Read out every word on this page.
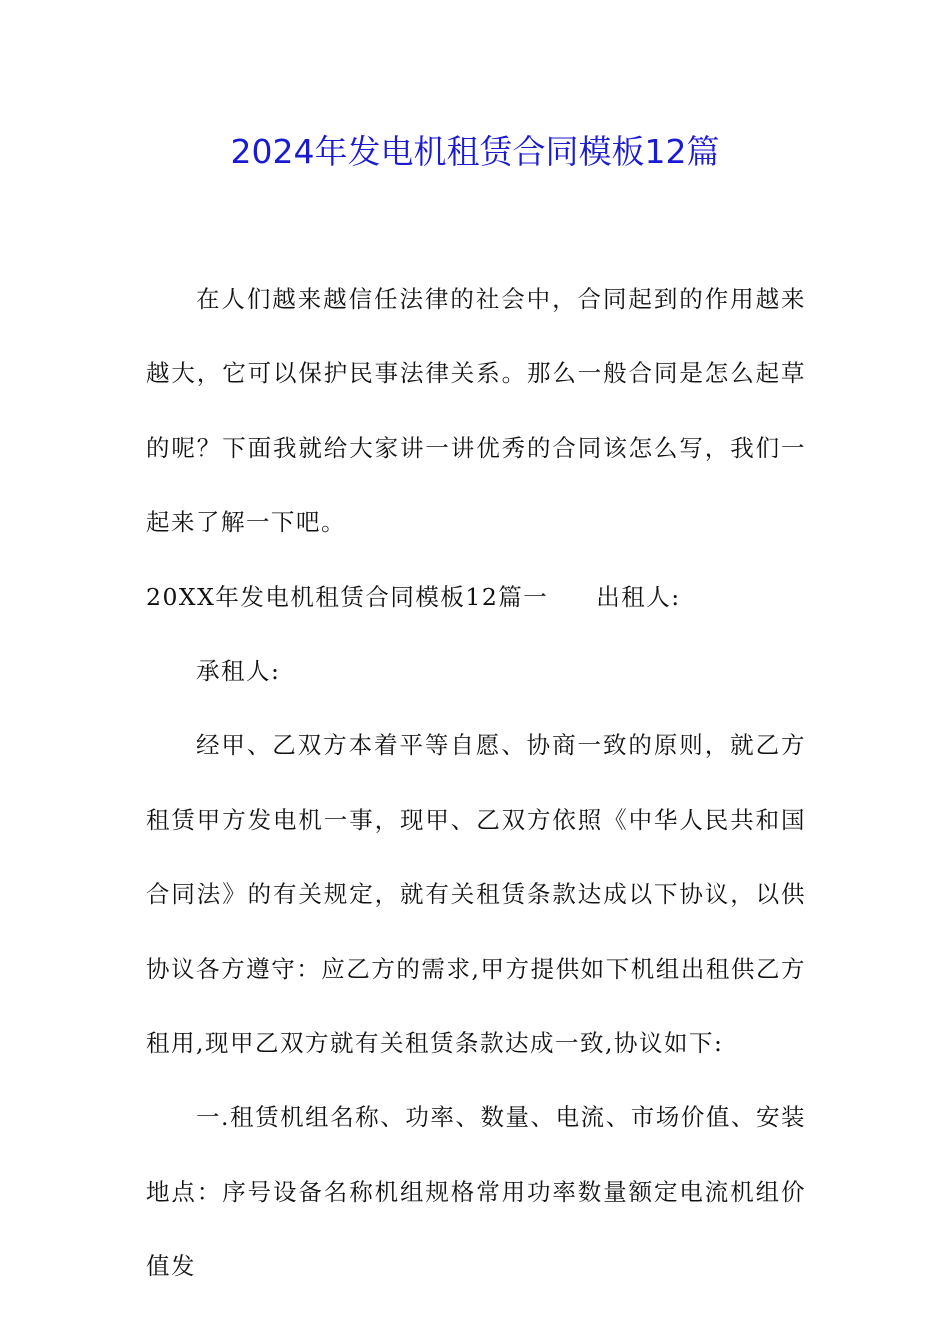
2024年发电机租赁合同模板12篇

在人们越来越信任法律的社会中，合同起到的作用越来越大，它可以保护民事法律关系。那么一般合同是怎么起草的呢？下面我就给大家讲一讲优秀的合同该怎么写，我们一起来了解一下吧。

20XX年发电机租赁合同模板12篇一 出租人:

承租人:

经甲、乙双方本着平等自愿、协商一致的原则，就乙方租赁甲方发电机一事，现甲、乙双方依照《中华人民共和国合同法》的有关规定，就有关租赁条款达成以下协议，以供协议各方遵守：应乙方的需求,甲方提供如下机组出租供乙方租用,现甲乙双方就有关租赁条款达成一致,协议如下:

一.租赁机组名称、功率、数量、电流、市场价值、安装地点：序号设备名称机组规格常用功率数量额定电流机组价值发
